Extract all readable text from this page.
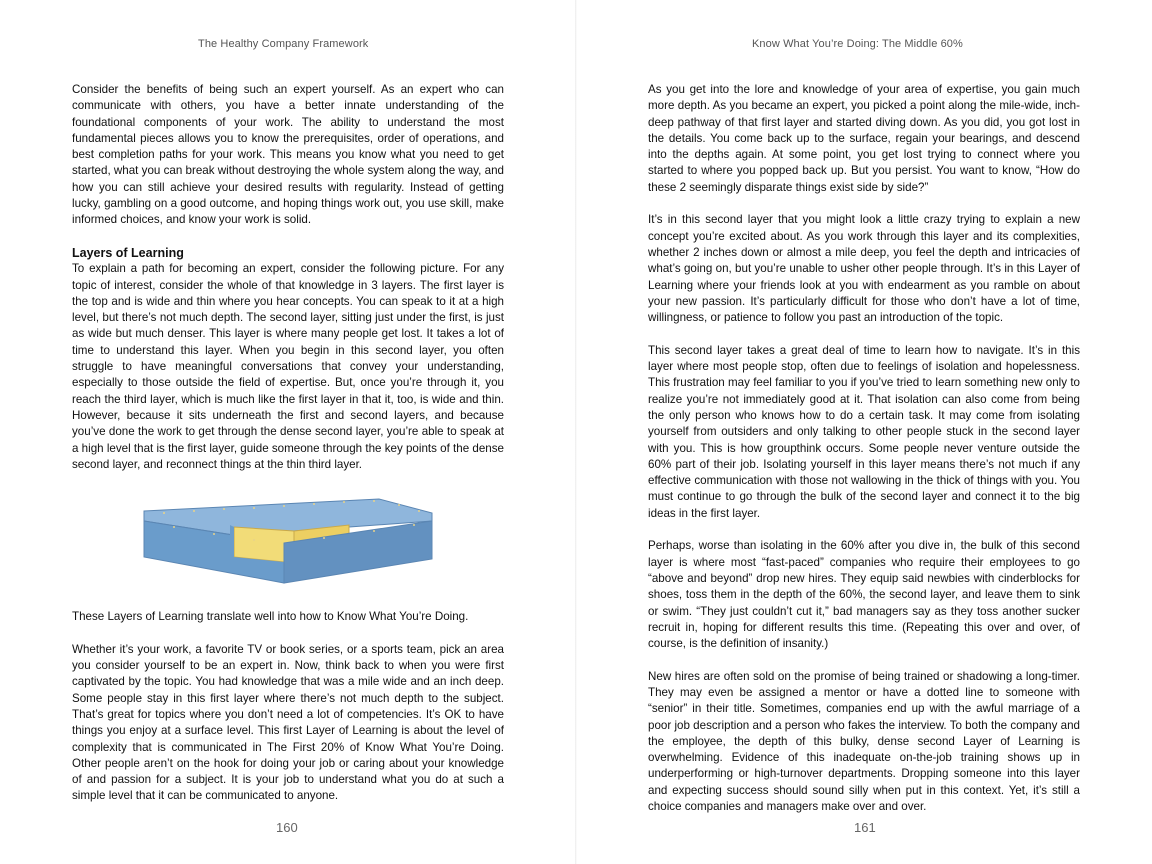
The Healthy Company Framework

Consider the benefits of being such an expert yourself. As an expert who can communicate with others, you have a better innate understanding of the foundational components of your work. The ability to understand the most fundamental pieces allows you to know the prerequisites, order of operations, and best completion paths for your work. This means you know what you need to get started, what you can break without destroying the whole system along the way, and how you can still achieve your desired results with regularity. Instead of getting lucky, gambling on a good outcome, and hoping things work out, you use skill, make informed choices, and know your work is solid.

Layers of Learning

To explain a path for becoming an expert, consider the following picture. For any topic of interest, consider the whole of that knowledge in 3 layers. The first layer is the top and is wide and thin where you hear concepts. You can speak to it at a high level, but there’s not much depth. The second layer, sitting just under the first, is just as wide but much denser. This layer is where many people get lost. It takes a lot of time to understand this layer. When you begin in this second layer, you often struggle to have meaningful conversations that convey your understanding, especially to those outside the field of expertise. But, once you’re through it, you reach the third layer, which is much like the first layer in that it, too, is wide and thin. However, because it sits underneath the first and second layers, and because you’ve done the work to get through the dense second layer, you’re able to speak at a high level that is the first layer, guide someone through the key points of the dense second layer, and reconnect things at the thin third layer.

These Layers of Learning translate well into how to Know What You’re Doing.

Whether it’s your work, a favorite TV or book series, or a sports team, pick an area you consider yourself to be an expert in. Now, think back to when you were first captivated by the topic. You had knowledge that was a mile wide and an inch deep. Some people stay in this first layer where there’s not much depth to the subject. That’s great for topics where you don’t need a lot of competencies. It’s OK to have things you enjoy at a surface level. This first Layer of Learning is about the level of complexity that is communicated in The First 20% of Know What You’re Doing. Other people aren’t on the hook for doing your job or caring about your knowledge of and passion for a subject. It is your job to understand what you do at such a simple level that it can be communicated to anyone.

160
Know What You’re Doing: The Middle 60%

As you get into the lore and knowledge of your area of expertise, you gain much more depth. As you became an expert, you picked a point along the mile-wide, inch-deep pathway of that first layer and started diving down. As you did, you got lost in the details. You come back up to the surface, regain your bearings, and descend into the depths again. At some point, you get lost trying to connect where you started to where you popped back up. But you persist. You want to know, “How do these 2 seemingly disparate things exist side by side?”

It’s in this second layer that you might look a little crazy trying to explain a new concept you’re excited about. As you work through this layer and its complexities, whether 2 inches down or almost a mile deep, you feel the depth and intricacies of what’s going on, but you’re unable to usher other people through. It’s in this Layer of Learning where your friends look at you with endearment as you ramble on about your new passion. It’s particularly difficult for those who don’t have a lot of time, willingness, or patience to follow you past an introduction of the topic.

This second layer takes a great deal of time to learn how to navigate. It’s in this layer where most people stop, often due to feelings of isolation and hopelessness. This frustration may feel familiar to you if you’ve tried to learn something new only to realize you’re not immediately good at it. That isolation can also come from being the only person who knows how to do a certain task. It may come from isolating yourself from outsiders and only talking to other people stuck in the second layer with you. This is how groupthink occurs. Some people never venture outside the 60% part of their job. Isolating yourself in this layer means there’s not much if any effective communication with those not wallowing in the thick of things with you. You must continue to go through the bulk of the second layer and connect it to the big ideas in the first layer.

Perhaps, worse than isolating in the 60% after you dive in, the bulk of this second layer is where most “fast-paced” companies who require their employees to go “above and beyond” drop new hires. They equip said newbies with cinderblocks for shoes, toss them in the depth of the 60%, the second layer, and leave them to sink or swim. “They just couldn’t cut it,” bad managers say as they toss another sucker recruit in, hoping for different results this time. (Repeating this over and over, of course, is the definition of insanity.)

New hires are often sold on the promise of being trained or shadowing a long-timer. They may even be assigned a mentor or have a dotted line to someone with “senior” in their title. Sometimes, companies end up with the awful marriage of a poor job description and a person who fakes the interview. To both the company and the employee, the depth of this bulky, dense second Layer of Learning is overwhelming. Evidence of this inadequate on-the-job training shows up in underperforming or high-turnover departments. Dropping someone into this layer and expecting success should sound silly when put in this context. Yet, it’s still a choice companies and managers make over and over.

161
